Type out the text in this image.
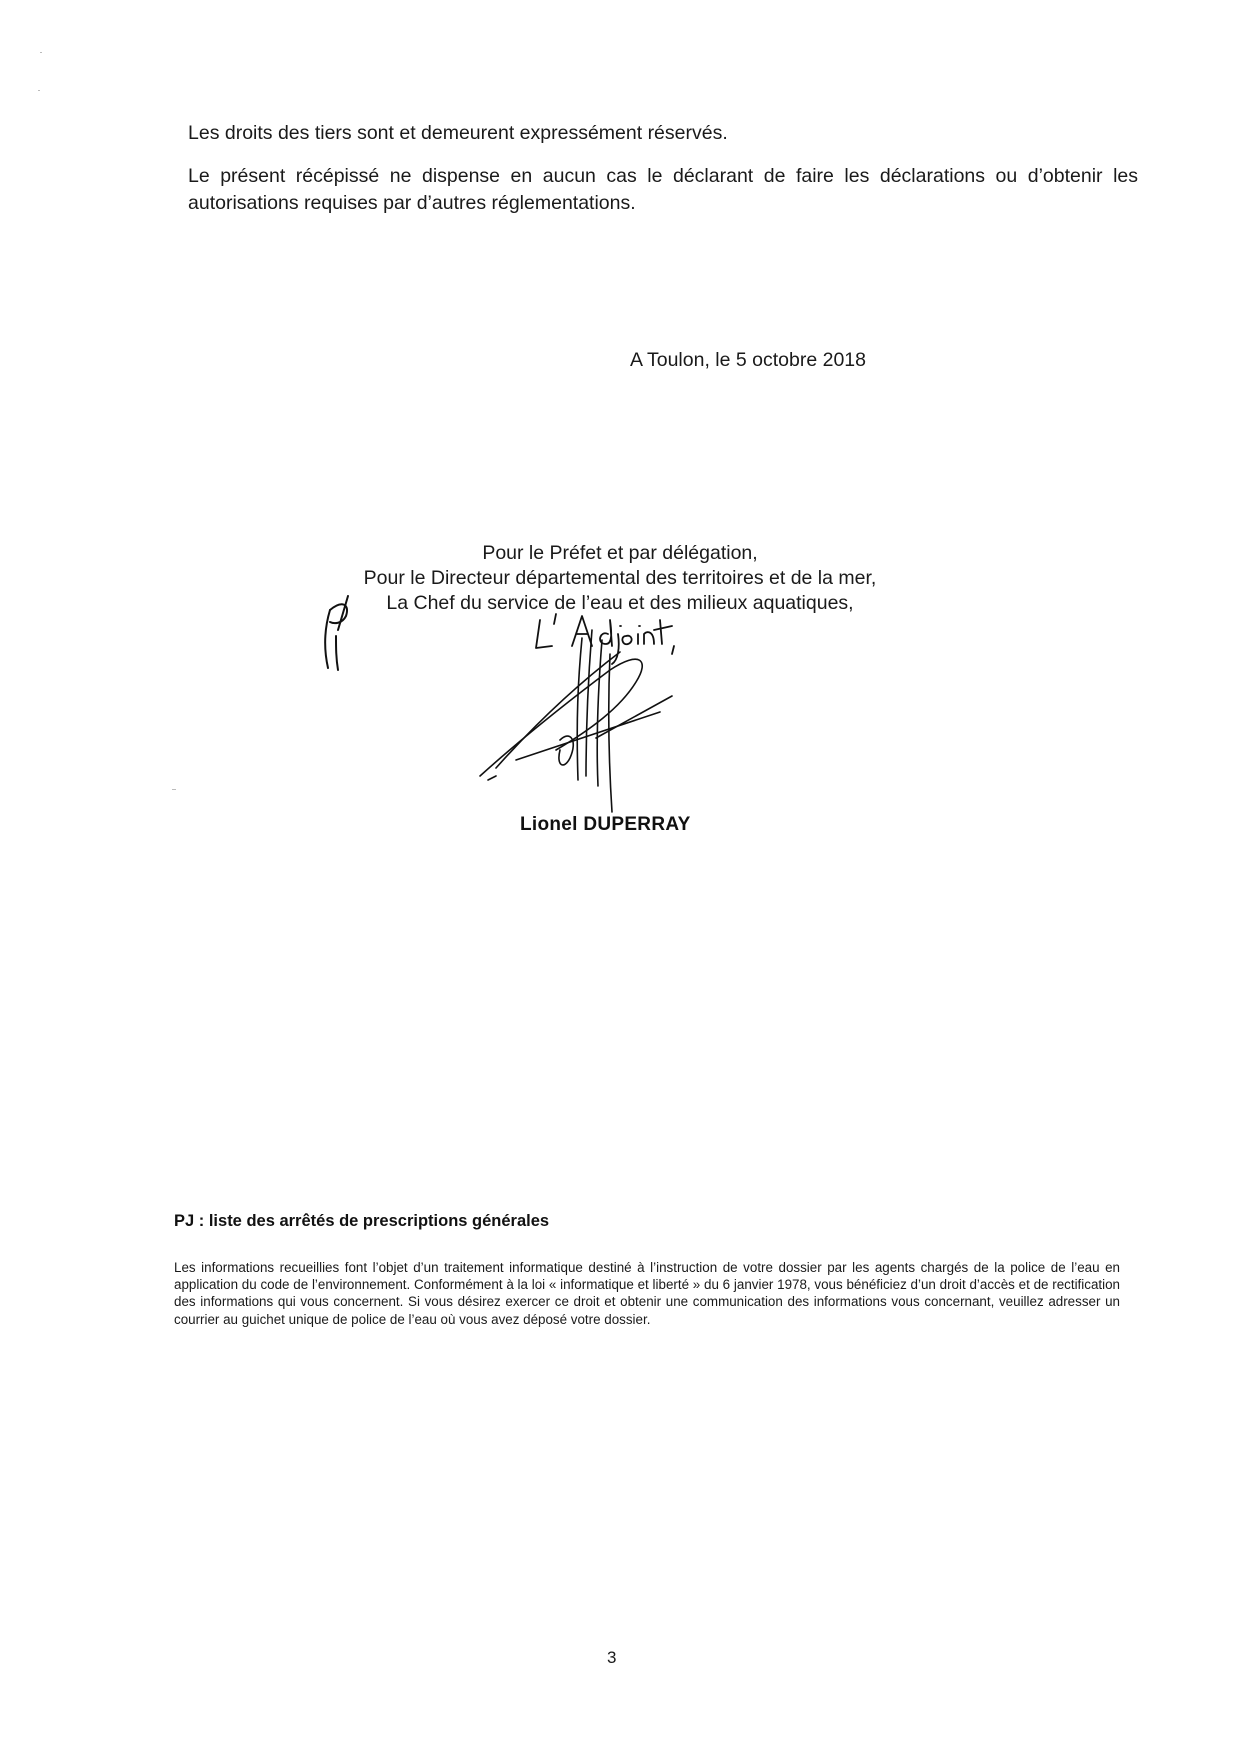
Les droits des tiers sont et demeurent expressément réservés.

Le présent récépissé ne dispense en aucun cas le déclarant de faire les déclarations ou d’obtenir les autorisations requises par d’autres réglementations.

A Toulon, le 5 octobre 2018
Pour le Préfet et par délégation,
Pour le Directeur départemental des territoires et de la mer,
La Chef du service de l’eau et des milieux aquatiques,
Lionel DUPERRAY
PJ : liste des arrêtés de prescriptions générales

Les informations recueillies font l’objet d’un traitement informatique destiné à l’instruction de votre dossier par les agents chargés de la police de l’eau en application du code de l’environnement. Conformément à la loi « informatique et liberté » du 6 janvier 1978, vous bénéficiez d’un droit d’accès et de rectification des informations qui vous concernent. Si vous désirez exercer ce droit et obtenir une communication des informations vous concernant, veuillez adresser un courrier au guichet unique de police de l’eau où vous avez déposé votre dossier.

3
